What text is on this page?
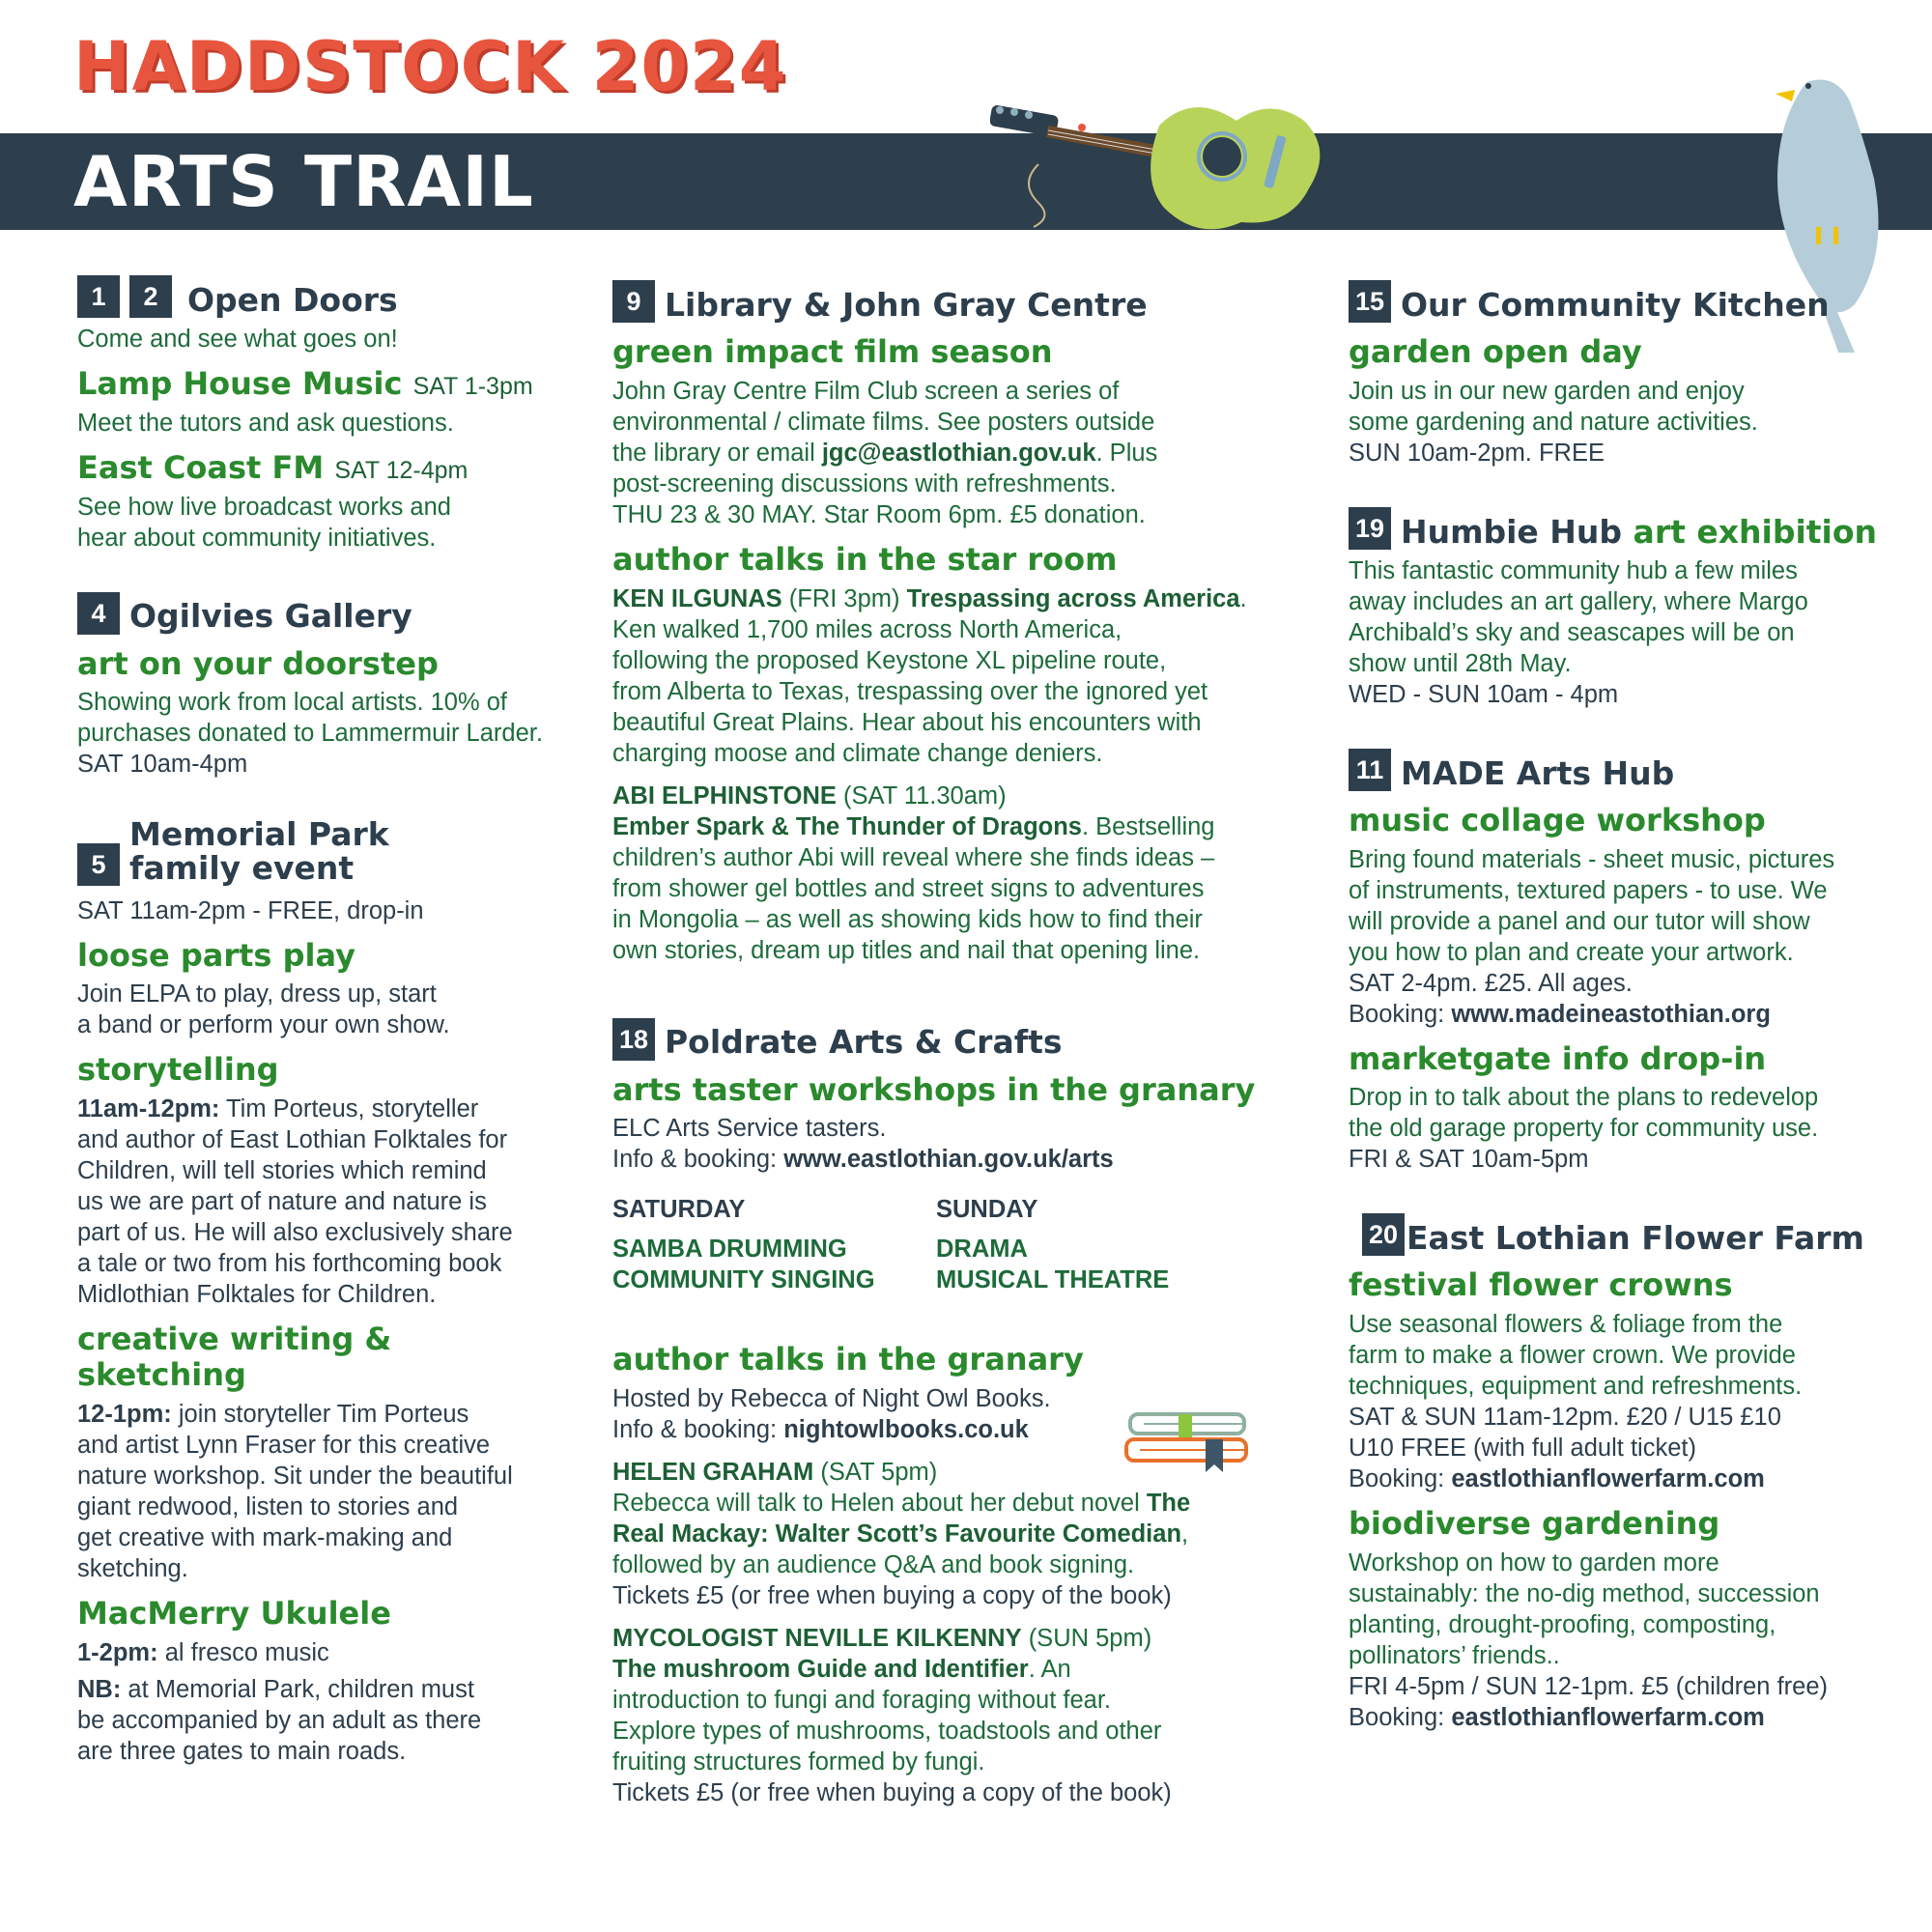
HADDSTOCK 2024
ARTS TRAIL
1	2 Open Doors

Come and see what goes on!

Lamp House Music SAT 1-3pm

Meet the tutors and ask questions.

East Coast FM SAT 12-4pm

See how live broadcast works and
hear about community initiatives.

4 Ogilvies Gallery
art on your doorstep

Showing work from local artists. 10% of
purchases donated to Lammermuir Larder.
SAT 10am-4pm

5
Memorial Park
family event

SAT 11am-2pm - FREE, drop-in

loose parts play

Join ELPA to play, dress up, start
a band or perform your own show.

storytelling

11am-12pm: Tim Porteus, storyteller
and author of East Lothian Folktales for
Children, will tell stories which remind
us we are part of nature and nature is
part of us. He will also exclusively share
a tale or two from his forthcoming book
Midlothian Folktales for Children.

creative writing & sketching

12-1pm: join storyteller Tim Porteus
and artist Lynn Fraser for this creative
nature workshop. Sit under the beautiful
giant redwood, listen to stories and
get creative with mark-making and
sketching.

MacMerry Ukulele

1-2pm: al fresco music

NB: at Memorial Park, children must
be accompanied by an adult as there
are three gates to main roads.

9 Library & John Gray Centre
green impact film season

John Gray Centre Film Club screen a series of
environmental / climate films. See posters outside
the library or email jgc@eastlothian.gov.uk. Plus
post-screening discussions with refreshments.
THU 23 & 30 MAY. Star Room 6pm. £5 donation.

author talks in the star room

KEN ILGUNAS (FRI 3pm) Trespassing across America.
Ken walked 1,700 miles across North America,
following the proposed Keystone XL pipeline route,
from Alberta to Texas, trespassing over the ignored yet
beautiful Great Plains. Hear about his encounters with
charging moose and climate change deniers.

ABI ELPHINSTONE (SAT 11.30am)
Ember Spark & The Thunder of Dragons. Bestselling
children’s author Abi will reveal where she finds ideas –
from shower gel bottles and street signs to adventures
in Mongolia – as well as showing kids how to find their
own stories, dream up titles and nail that opening line.

18 Poldrate Arts & Crafts
arts taster workshops in the granary

ELC Arts Service tasters.
Info & booking: www.eastlothian.gov.uk/arts

SATURDAY
SAMBA DRUMMING
COMMUNITY SINGING
SUNDAY
DRAMA
MUSICAL THEATRE
author talks in the granary

Hosted by Rebecca of Night Owl Books.
Info & booking: nightowlbooks.co.uk

HELEN GRAHAM (SAT 5pm)
Rebecca will talk to Helen about her debut novel The
Real Mackay: Walter Scott’s Favourite Comedian,
followed by an audience Q&A and book signing.
Tickets £5 (or free when buying a copy of the book)

MYCOLOGIST NEVILLE KILKENNY (SUN 5pm)
The mushroom Guide and Identifier. An
introduction to fungi and foraging without fear.
Explore types of mushrooms, toadstools and other
fruiting structures formed by fungi.
Tickets £5 (or free when buying a copy of the book)

15 Our Community Kitchen
garden open day

Join us in our new garden and enjoy
some gardening and nature activities.
SUN 10am-2pm. FREE

19 Humbie Hub art exhibition

This fantastic community hub a few miles
away includes an art gallery, where Margo
Archibald’s sky and seascapes will be on
show until 28th May.
WED - SUN 10am - 4pm

11 MADE Arts Hub
music collage workshop

Bring found materials - sheet music, pictures
of instruments, textured papers - to use. We
will provide a panel and our tutor will show
you how to plan and create your artwork.
SAT 2-4pm. £25. All ages.
Booking: www.madeineastothian.org

marketgate info drop-in

Drop in to talk about the plans to redevelop
the old garage property for community use.
FRI & SAT 10am-5pm

20 East Lothian Flower Farm
festival flower crowns

Use seasonal flowers & foliage from the
farm to make a flower crown. We provide
techniques, equipment and refreshments.
SAT & SUN 11am-12pm. £20 / U15 £10
U10 FREE (with full adult ticket)
Booking: eastlothianflowerfarm.com

biodiverse gardening

Workshop on how to garden more
sustainably: the no-dig method, succession
planting, drought-proofing, composting,
pollinators’ friends..
FRI 4-5pm / SUN 12-1pm. £5 (children free)
Booking: eastlothianflowerfarm.com
